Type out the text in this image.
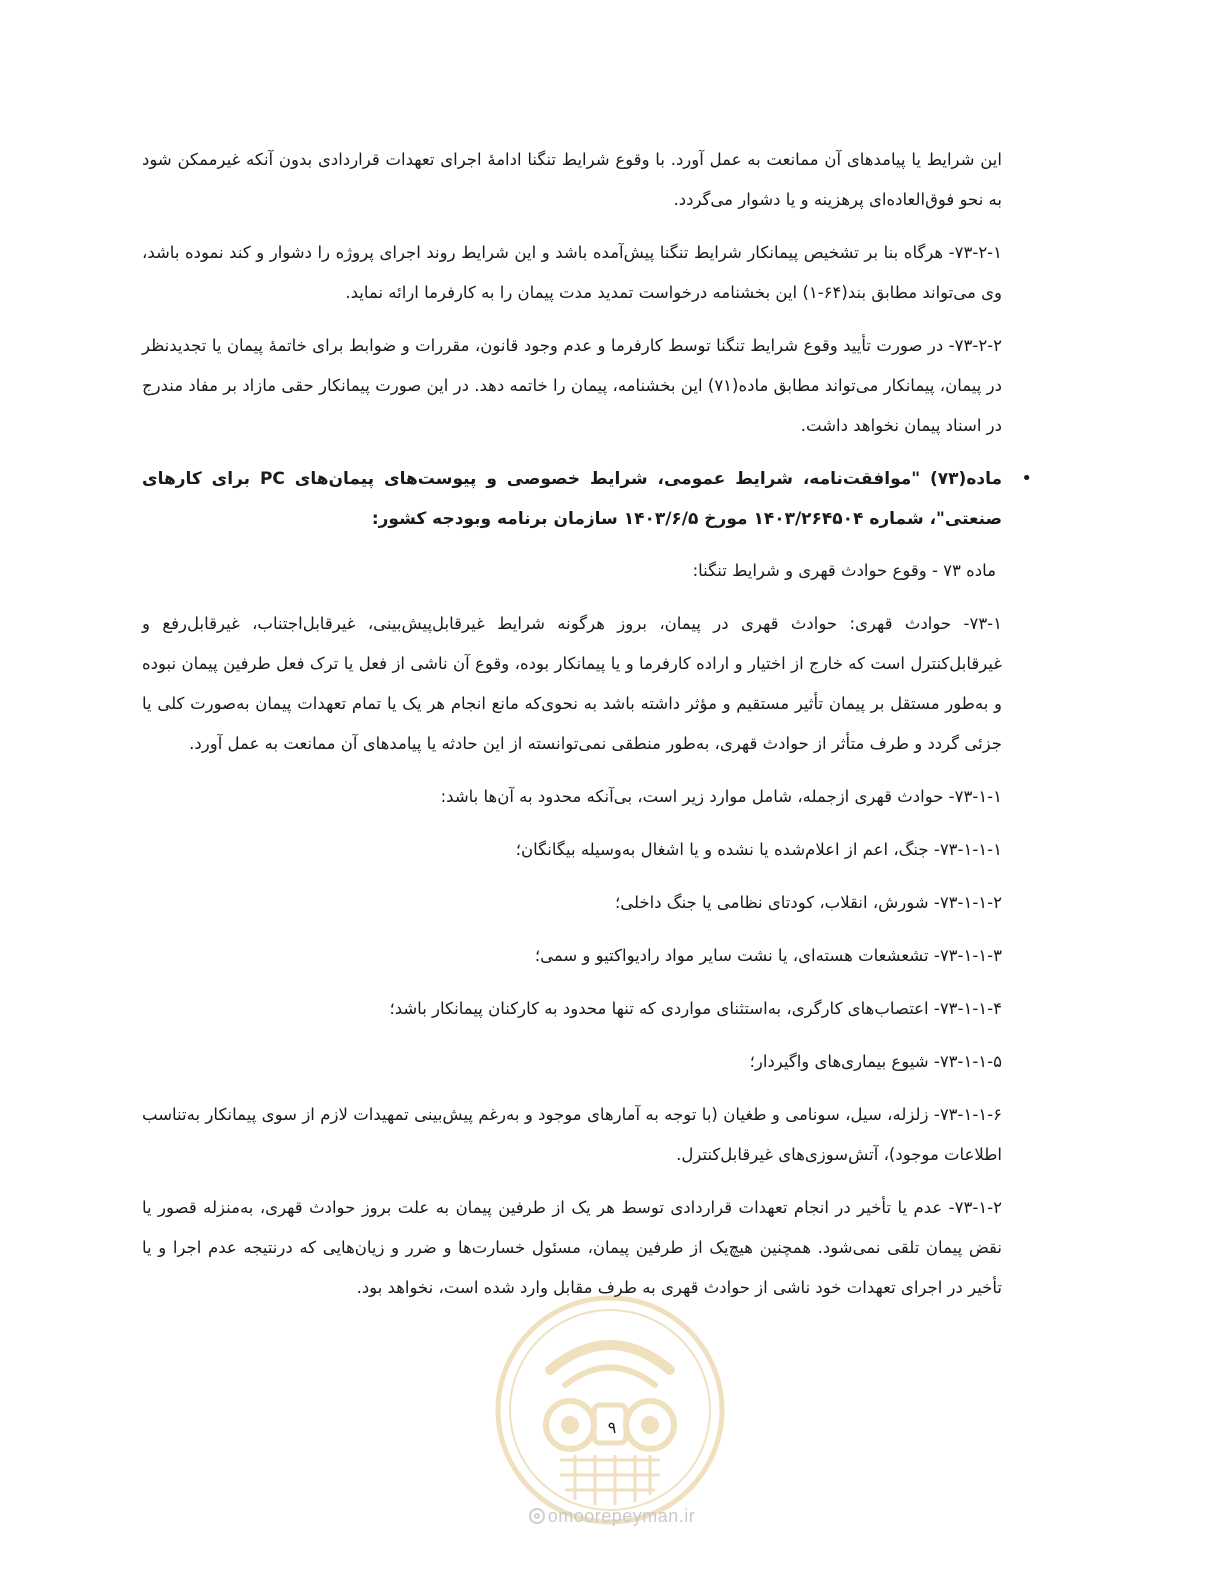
این شرایط یا پیامدهای آن ممانعت به عمل آورد. با وقوع شرایط تنگنا ادامهٔ اجرای تعهدات قراردادی بدون آنکه غیرممکن شود به نحو فوق‌العاده‌ای پرهزینه و یا دشوار می‌گردد.

۷۳-۲-۱- هرگاه بنا بر تشخیص پیمانکار شرایط تنگنا پیش‌آمده باشد و این شرایط روند اجرای پروژه را دشوار و کند نموده باشد، وی می‌تواند مطابق بند(۶۴-۱) این بخشنامه درخواست تمدید مدت پیمان را به کارفرما ارائه نماید.

۷۳-۲-۲- در صورت تأیید وقوع شرایط تنگنا توسط کارفرما و عدم وجود قانون، مقررات و ضوابط برای خاتمهٔ پیمان یا تجدیدنظر در پیمان، پیمانکار می‌تواند مطابق ماده(۷۱) این بخشنامه، پیمان را خاتمه دهد. در این صورت پیمانکار حقی مازاد بر مفاد مندرج در اسناد پیمان نخواهد داشت.

•
ماده(۷۳) "موافقت‌نامه، شرایط عمومی، شرایط خصوصی و پیوست‌های پیمان‌های PC برای کارهای صنعتی"، شماره ۱۴۰۳/۲۶۴۵۰۴ مورخ ۱۴۰۳/۶/۵ سازمان برنامه وبودجه کشور:

ماده ۷۳ - وقوع حوادث قهری و شرایط تنگنا:

۷۳-۱- حوادث قهری: حوادث قهری در پیمان، بروز هرگونه شرایط غیرقابل‌پیش‌بینی، غیرقابل‌اجتناب، غیرقابل‌رفع و غیرقابل‌کنترل است که خارج از اختیار و اراده کارفرما و یا پیمانکار بوده، وقوع آن ناشی از فعل یا ترک فعل طرفین پیمان نبوده و به‌طور مستقل بر پیمان تأثیر مستقیم و مؤثر داشته باشد به نحوی‌که مانع انجام هر یک یا تمام تعهدات پیمان به‌صورت کلی یا جزئی گردد و طرف متأثر از حوادث قهری، به‌طور منطقی نمی‌توانسته از این حادثه یا پیامدهای آن ممانعت به عمل آورد.

۷۳-۱-۱- حوادث قهری ازجمله، شامل موارد زیر است، بی‌آنکه محدود به آن‌ها باشد:

۷۳-۱-۱-۱- جنگ، اعم از اعلام‌شده یا نشده و یا اشغال به‌وسیله بیگانگان؛

۷۳-۱-۱-۲- شورش، انقلاب، کودتای نظامی یا جنگ داخلی؛

۷۳-۱-۱-۳- تشعشعات هسته‌ای، یا نشت سایر مواد رادیواکتیو و سمی؛

۷۳-۱-۱-۴- اعتصاب‌های کارگری، به‌استثنای مواردی که تنها محدود به کارکنان پیمانکار باشد؛

۷۳-۱-۱-۵- شیوع بیماری‌های واگیردار؛

۷۳-۱-۱-۶- زلزله، سیل، سونامی و طغیان (با توجه به آمارهای موجود و به‌رغم پیش‌بینی تمهیدات لازم از سوی پیمانکار به‌تناسب اطلاعات موجود)، آتش‌سوزی‌های غیرقابل‌کنترل.

۷۳-۱-۲- عدم یا تأخیر در انجام تعهدات قراردادی توسط هر یک از طرفین پیمان به علت بروز حوادث قهری، به‌منزله قصور یا نقض پیمان تلقی نمی‌شود. همچنین هیچ‌یک از طرفین پیمان، مسئول خسارت‌ها و ضرر و زیان‌هایی که درنتیجه عدم اجرا و یا تأخیر در اجرای تعهدات خود ناشی از حوادث قهری به طرف مقابل وارد شده است، نخواهد بود.

۹
omoorepeyman.ir
